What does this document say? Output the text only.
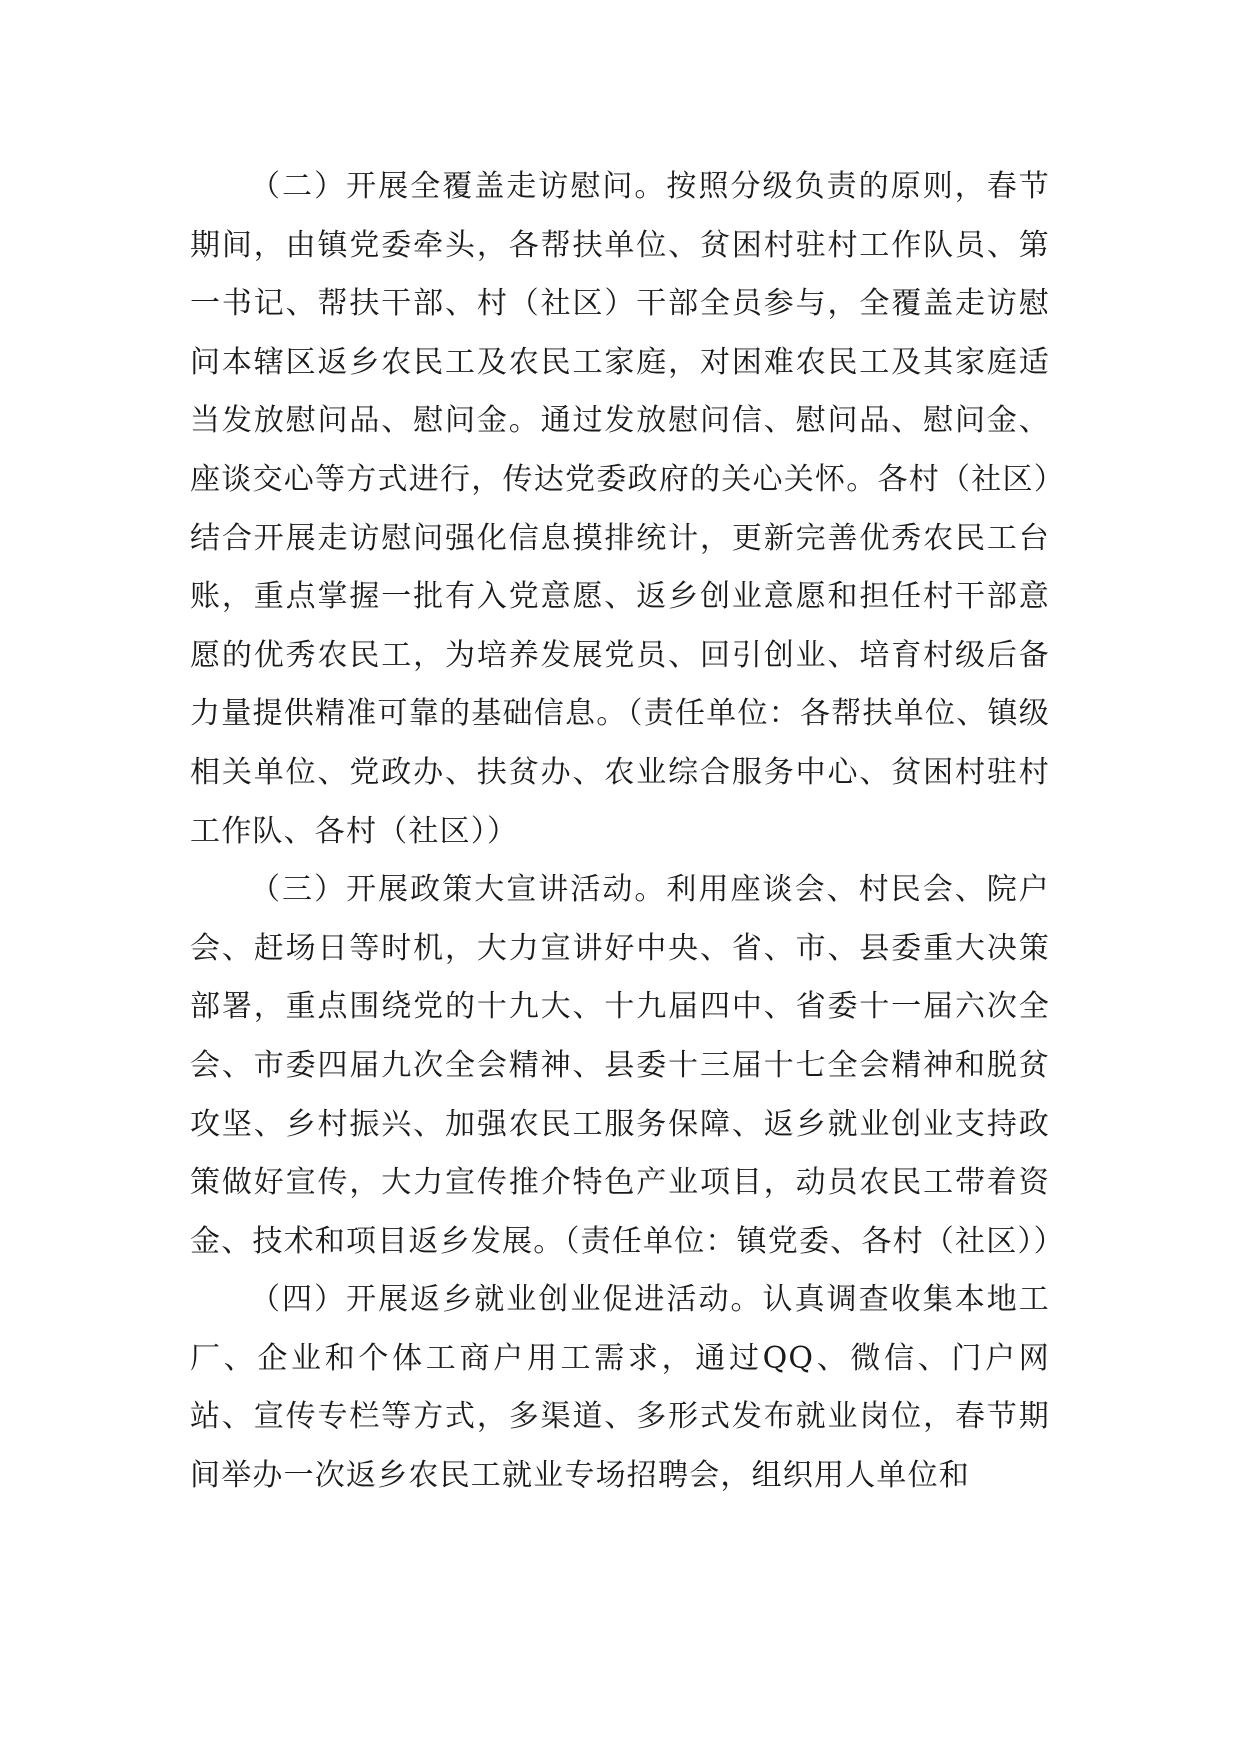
（二）开展全覆盖走访慰问。按照分级负责的原则，春节期间，由镇党委牵头，各帮扶单位、贫困村驻村工作队员、第一书记、帮扶干部、村（社区）干部全员参与，全覆盖走访慰问本辖区返乡农民工及农民工家庭，对困难农民工及其家庭适当发放慰问品、慰问金。通过发放慰问信、慰问品、慰问金、座谈交心等方式进行，传达党委政府的关心关怀。各村（社区）结合开展走访慰问强化信息摸排统计，更新完善优秀农民工台账，重点掌握一批有入党意愿、返乡创业意愿和担任村干部意愿的优秀农民工，为培养发展党员、回引创业、培育村级后备力量提供精准可靠的基础信息。（责任单位：各帮扶单位、镇级相关单位、党政办、扶贫办、农业综合服务中心、贫困村驻村工作队、各村（社区））

（三）开展政策大宣讲活动。利用座谈会、村民会、院户会、赶场日等时机，大力宣讲好中央、省、市、县委重大决策部署，重点围绕党的十九大、十九届四中、省委十一届六次全会、市委四届九次全会精神、县委十三届十七全会精神和脱贫攻坚、乡村振兴、加强农民工服务保障、返乡就业创业支持政策做好宣传，大力宣传推介特色产业项目，动员农民工带着资金、技术和项目返乡发展。（责任单位：镇党委、各村（社区））

（四）开展返乡就业创业促进活动。认真调查收集本地工厂、企业和个体工商户用工需求，通过QQ、微信、门户网站、宣传专栏等方式，多渠道、多形式发布就业岗位，春节期间举办一次返乡农民工就业专场招聘会，组织用人单位和
